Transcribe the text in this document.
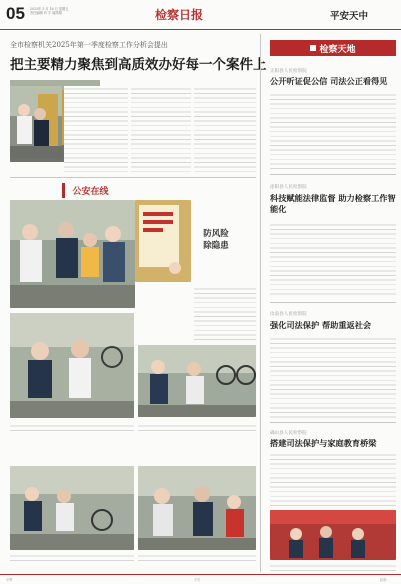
05 2025年 5 月 16 日 星期五
责任编辑 肖 宇 周鸿翔	检察日报	平安天中
全市检察机关2025年第一季度检察工作分析会提出
把主要精力聚焦到高质效办好每一个案件上
公安在线
防风险
除隐患
检察天地
正阳县人民检察院
公开听证促公信 司法公正看得见
泌阳县人民检察院
科技赋能法律监督 助力检察工作智能化
汝南县人民检察院
强化司法保护 帮助重返社会
确山县人民检察院
搭建司法保护与家庭教育桥梁
平舆	平安	检察
